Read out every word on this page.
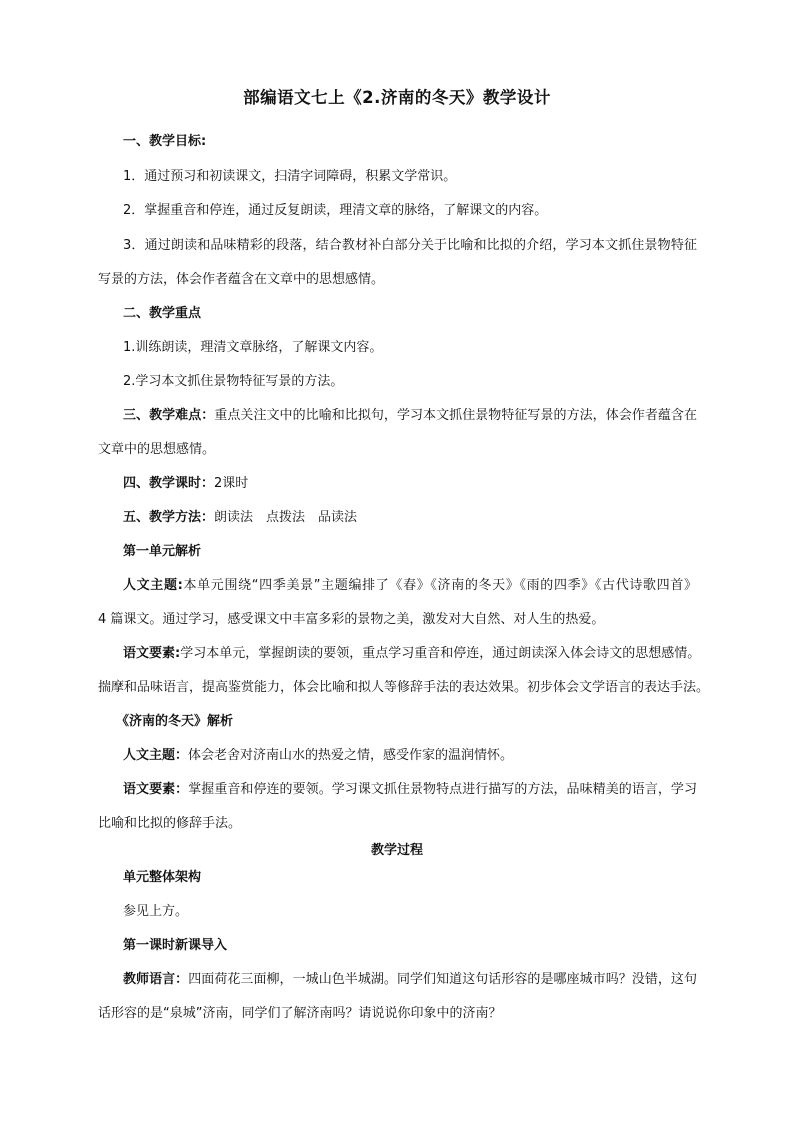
部编语文七上《2.济南的冬天》教学设计
一、教学目标:
1．通过预习和初读课文，扫清字词障碍，积累文学常识。
2．掌握重音和停连，通过反复朗读，理清文章的脉络，了解课文的内容。
3．通过朗读和品味精彩的段落，结合教材补白部分关于比喻和比拟的介绍，学习本文抓住景物特征
写景的方法，体会作者蕴含在文章中的思想感情。
二、教学重点
1.训练朗读，理清文章脉络，了解课文内容。
2.学习本文抓住景物特征写景的方法。
三、教学难点：重点关注文中的比喻和比拟句，学习本文抓住景物特征写景的方法，体会作者蕴含在
文章中的思想感情。
四、教学课时：2课时
五、教学方法：朗读法　点拨法　品读法
第一单元解析
人文主题:本单元围绕“四季美景”主题编排了《春》《济南的冬天》《雨的四季》《古代诗歌四首》
4 篇课文。通过学习，感受课文中丰富多彩的景物之美，激发对大自然、对人生的热爱。
语文要素:学习本单元，掌握朗读的要领，重点学习重音和停连，通过朗读深入体会诗文的思想感情。
揣摩和品味语言，提高鉴赏能力，体会比喻和拟人等修辞手法的表达效果。初步体会文学语言的表达手法。
《济南的冬天》解析
人文主题：体会老舍对济南山水的热爱之情，感受作家的温润情怀。
语文要素：掌握重音和停连的要领。学习课文抓住景物特点进行描写的方法，品味精美的语言，学习
比喻和比拟的修辞手法。
教学过程
单元整体架构
参见上方。
第一课时新课导入
教师语言：四面荷花三面柳，一城山色半城湖。同学们知道这句话形容的是哪座城市吗？没错，这句
话形容的是“泉城”济南，同学们了解济南吗？请说说你印象中的济南？
